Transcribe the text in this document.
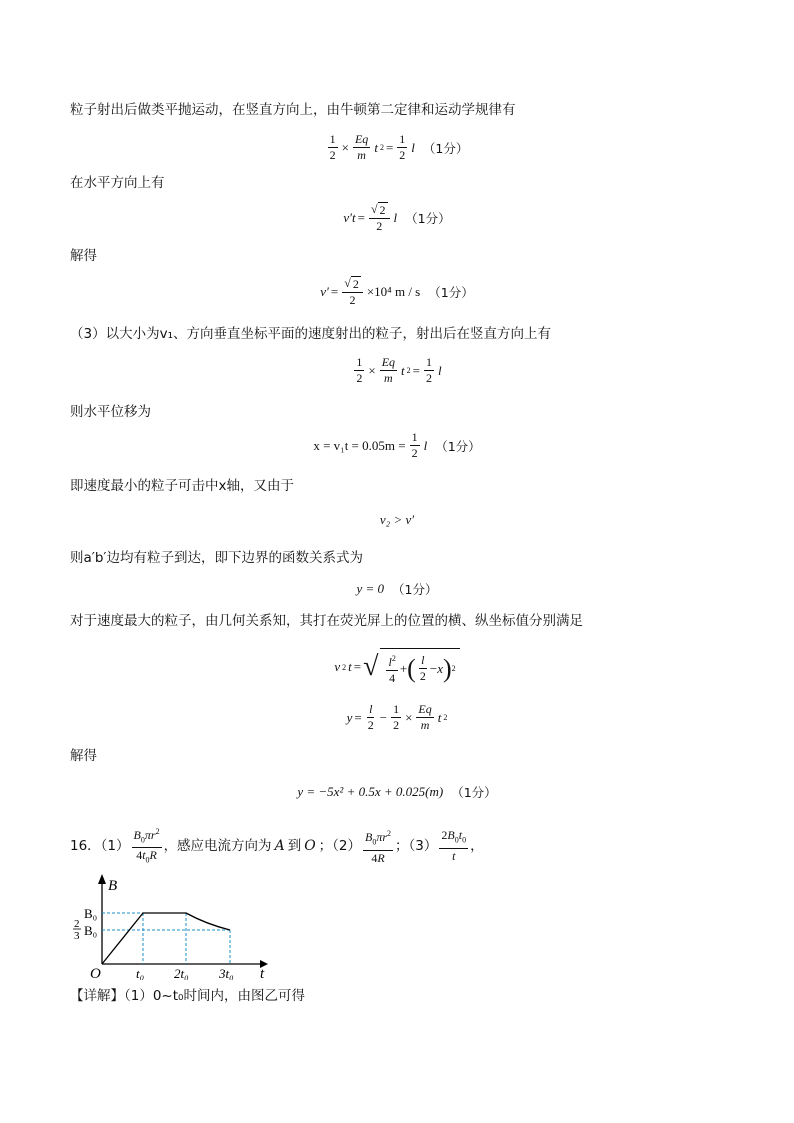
粒子射出后做类平抛运动，在竖直方向上，由牛顿第二定律和运动学规律有
$\frac{1}{2} \times \frac{Eq}{m}$ t $2 = \frac{1}{2}$ l （1分）
在水平方向上有
$v't = \frac{√ 2}{2}$ l （1分）
解得
$v' = \frac{√ 2}{2} \times 10^4$ m / s （1分）
（3）以大小为v₁、方向垂直坐标平面的速度射出的粒子，射出后在竖直方向上有
$\frac{1}{2} \times \frac{Eq}{m}$ t $2 = \frac{1}{2}$ l
则水平位移为
$x = v_1t = 0.05m = \frac{1}{2}$ l （1分）
即速度最小的粒子可击中x轴，又由于
v₂ > v′
则a′b′边均有粒子到达，即下边界的函数关系式为
y = 0 （1分）
对于速度最大的粒子，由几何关系知，其打在荧光屏上的位置的横、纵坐标值分别满足
v 2 t = √ $\frac{l^2}{4}$ + ( $\frac{l}{2} - x$ ) 2
$y = \frac{l}{2} - \frac{1}{2} \times \frac{Eq}{m}$ t 2
解得
y = −5x² + 0.5x + 0.025(m) （1分）
16．$(1) \frac{B_0\pi r^2}{4t_0R}$ ，感应电流方向为 A 到 O ；$(2) \frac{B_0\pi r^2}{4R}$ ；$(3) \frac{2B_0t_0}{t}$ ，
B
t
O
B₀
2
3 B₀
t₀ 2t₀ 3t₀
【详解】（1）0~t₀时间内，由图乙可得
